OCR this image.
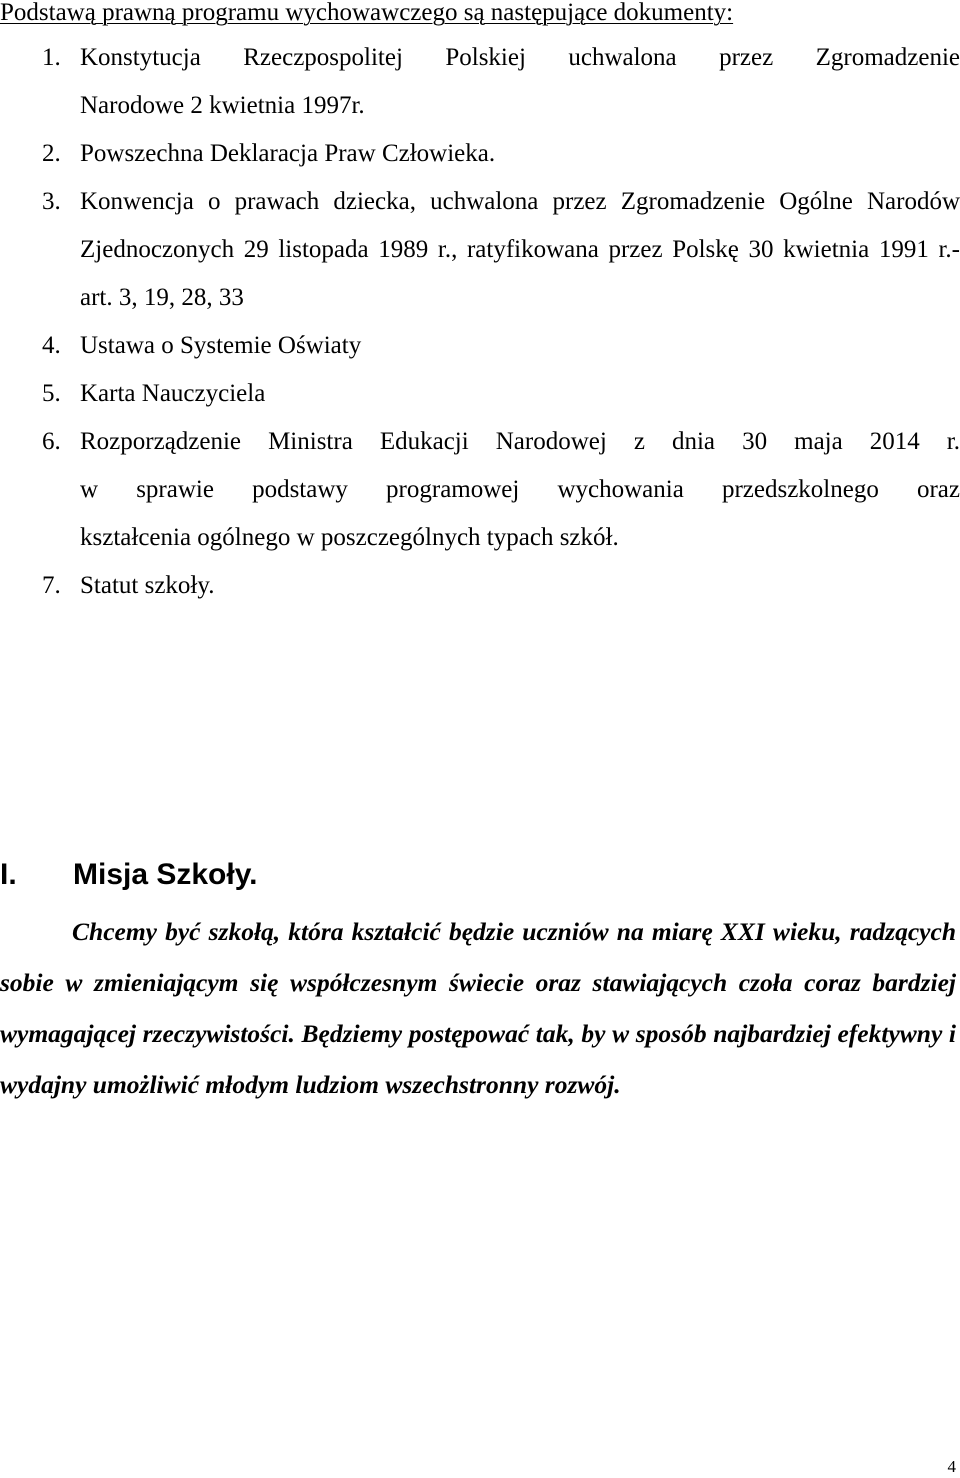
Podstawą prawną programu wychowawczego są następujące dokumenty:

1. Konstytucja Rzeczpospolitej Polskiej uchwalona przez Zgromadzenie
Narodowe 2 kwietnia 1997r.
2. Powszechna Deklaracja Praw Człowieka.
3. Konwencja o prawach dziecka, uchwalona przez Zgromadzenie Ogólne Narodów Zjednoczonych 29 listopada 1989 r., ratyfikowana przez Polskę 30 kwietnia 1991 r.- art. 3, 19, 28, 33
4. Ustawa o Systemie Oświaty
5. Karta Nauczyciela
6. Rozporządzenie Ministra Edukacji Narodowej z dnia 30 maja 2014 r.
w sprawie podstawy programowej wychowania przedszkolnego oraz
kształcenia ogólnego w poszczególnych typach szkół.
7. Statut szkoły.
I. Misja Szkoły.

Chcemy być szkołą, która kształcić będzie uczniów na miarę XXI wieku, radzących sobie w zmieniającym się współczesnym świecie oraz stawiających czoła coraz bardziej wymagającej rzeczywistości. Będziemy postępować tak, by w sposób najbardziej efektywny i wydajny umożliwić młodym ludziom wszechstronny rozwój.

4
